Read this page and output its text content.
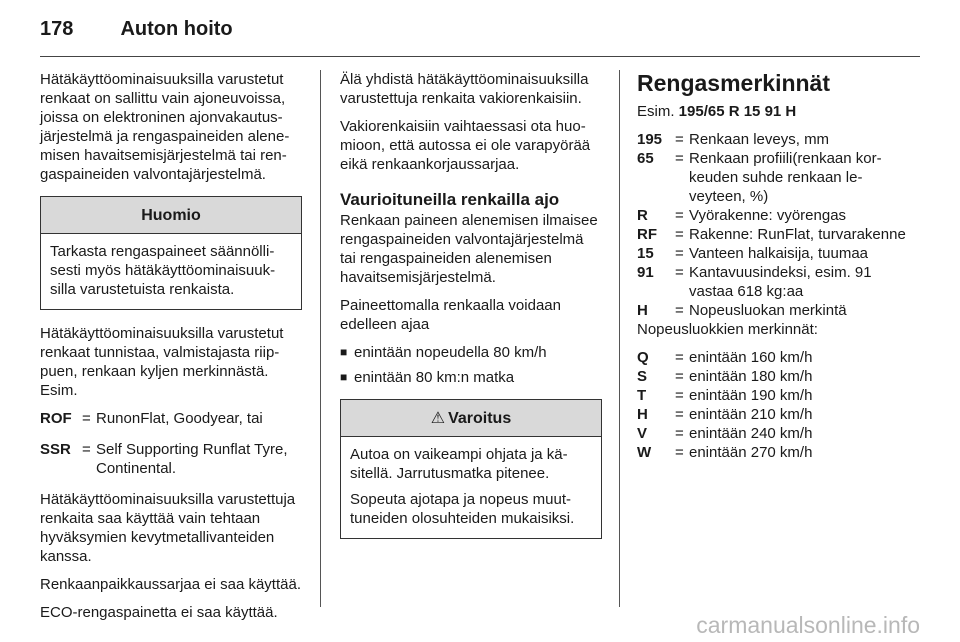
178 Auton hoito

Hätäkäyttöominaisuuksilla varustetut renkaat on sallittu vain ajoneuvoissa, joissa on elektroninen ajonvakautusjärjestelmä ja rengaspaineiden alenemisen havaitsemisjärjestelmä tai rengaspaineiden valvontajärjestelmä.

Huomio

Tarkasta rengaspaineet säännöllisesti myös hätäkäyttöominaisuuksilla varustetuista renkaista.

Hätäkäyttöominaisuuksilla varustetut renkaat tunnistaa, valmistajasta riippuen, renkaan kyljen merkinnästä. Esim.

ROF = RunonFlat, Goodyear, tai
SSR = Self Supporting Runflat Tyre, Continental.

Hätäkäyttöominaisuuksilla varustettuja renkaita saa käyttää vain tehtaan hyväksymien kevytmetallivanteiden kanssa.

Renkaanpaikkaussarjaa ei saa käyttää.

ECO-rengaspainetta ei saa käyttää.

Älä yhdistä hätäkäyttöominaisuuksilla varustettuja renkaita vakiorenkaisiin.

Vakiorenkaisiin vaihtaessasi ota huomioon, että autossa ei ole varapyörää eikä renkaankorjaussarjaa.

Vaurioituneilla renkailla ajo

Renkaan paineen alenemisen ilmaisee rengaspaineiden valvontajärjestelmä tai rengaspaineiden alenemisen havaitsemisjärjestelmä.

Paineettomalla renkaalla voidaan edelleen ajaa

■ enintään nopeudella 80 km/h
■ enintään 80 km:n matka
⚠ Varoitus

Autoa on vaikeampi ohjata ja käsitellä. Jarrutusmatka pitenee.

Sopeuta ajotapa ja nopeus muuttuneiden olosuhteiden mukaisiksi.

Rengasmerkinnät

Esim. 195/65 R 15 91 H

195 = Renkaan leveys, mm
65	= Renkaan profiili(renkaan korkeuden suhde renkaan leveyteen, %)
R	= Vyörakenne: vyörengas
RF	= Rakenne: RunFlat, turvarakenne
15	= Vanteen halkaisija, tuumaa
91	= Kantavuusindeksi, esim. 91 vastaa 618 kg:aa
H	= Nopeusluokan merkintä

Nopeusluokkien merkinnät:

Q	= enintään 160 km/h
S	= enintään 180 km/h
T	= enintään 190 km/h
H	= enintään 210 km/h
V	= enintään 240 km/h
W	= enintään 270 km/h
carmanualsonline.info
